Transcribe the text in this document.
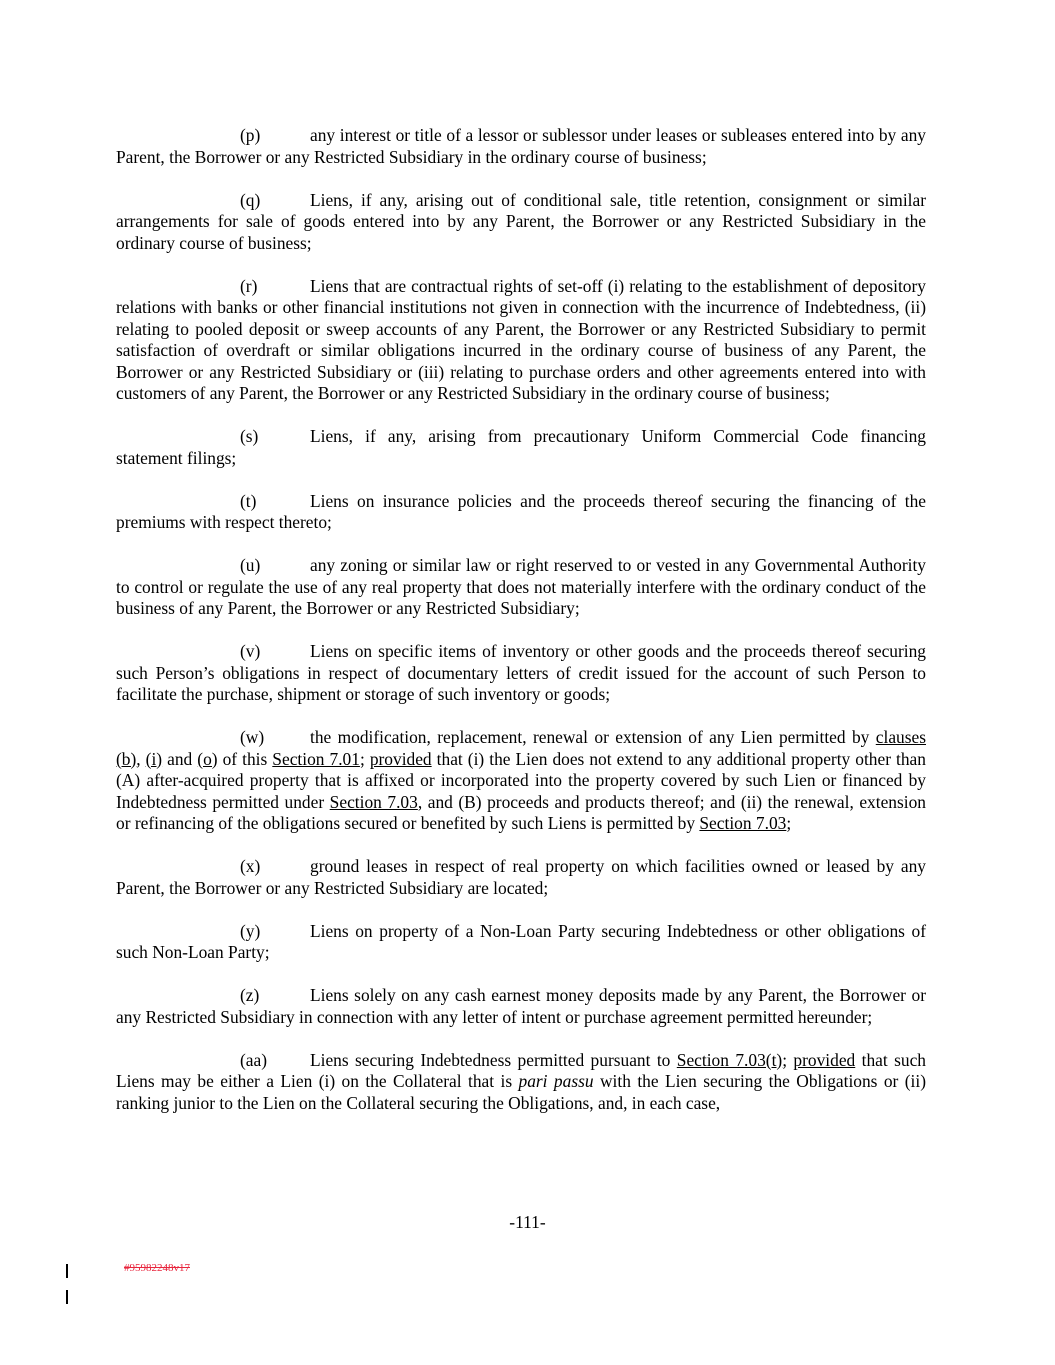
(p)	any interest or title of a lessor or sublessor under leases or subleases entered into by any Parent, the Borrower or any Restricted Subsidiary in the ordinary course of business;

(q)	Liens, if any, arising out of conditional sale, title retention, consignment or similar arrangements for sale of goods entered into by any Parent, the Borrower or any Restricted Subsidiary in the ordinary course of business;

(r)	Liens that are contractual rights of set-off (i) relating to the establishment of depository relations with banks or other financial institutions not given in connection with the incurrence of Indebtedness, (ii) relating to pooled deposit or sweep accounts of any Parent, the Borrower or any Restricted Subsidiary to permit satisfaction of overdraft or similar obligations incurred in the ordinary course of business of any Parent, the Borrower or any Restricted Subsidiary or (iii) relating to purchase orders and other agreements entered into with customers of any Parent, the Borrower or any Restricted Subsidiary in the ordinary course of business;

(s)	Liens, if any, arising from precautionary Uniform Commercial Code financing statement filings;

(t)	Liens on insurance policies and the proceeds thereof securing the financing of the premiums with respect thereto;

(u)	any zoning or similar law or right reserved to or vested in any Governmental Authority to control or regulate the use of any real property that does not materially interfere with the ordinary conduct of the business of any Parent, the Borrower or any Restricted Subsidiary;

(v)	Liens on specific items of inventory or other goods and the proceeds thereof securing such Person’s obligations in respect of documentary letters of credit issued for the account of such Person to facilitate the purchase, shipment or storage of such inventory or goods;

(w)	the modification, replacement, renewal or extension of any Lien permitted by clauses (b), (i) and (o) of this Section 7.01; provided that (i) the Lien does not extend to any additional property other than (A) after-acquired property that is affixed or incorporated into the property covered by such Lien or financed by Indebtedness permitted under Section 7.03, and (B) proceeds and products thereof; and (ii) the renewal, extension or refinancing of the obligations secured or benefited by such Liens is permitted by Section 7.03;

(x)	ground leases in respect of real property on which facilities owned or leased by any Parent, the Borrower or any Restricted Subsidiary are located;

(y)	Liens on property of a Non-Loan Party securing Indebtedness or other obligations of such Non-Loan Party;

(z)	Liens solely on any cash earnest money deposits made by any Parent, the Borrower or any Restricted Subsidiary in connection with any letter of intent or purchase agreement permitted hereunder;

(aa) Liens securing Indebtedness permitted pursuant to Section 7.03(t); provided that such Liens may be either a Lien (i) on the Collateral that is pari passu with the Lien securing the Obligations or (ii) ranking junior to the Lien on the Collateral securing the Obligations, and, in each case,

-111-
#95982248v17
